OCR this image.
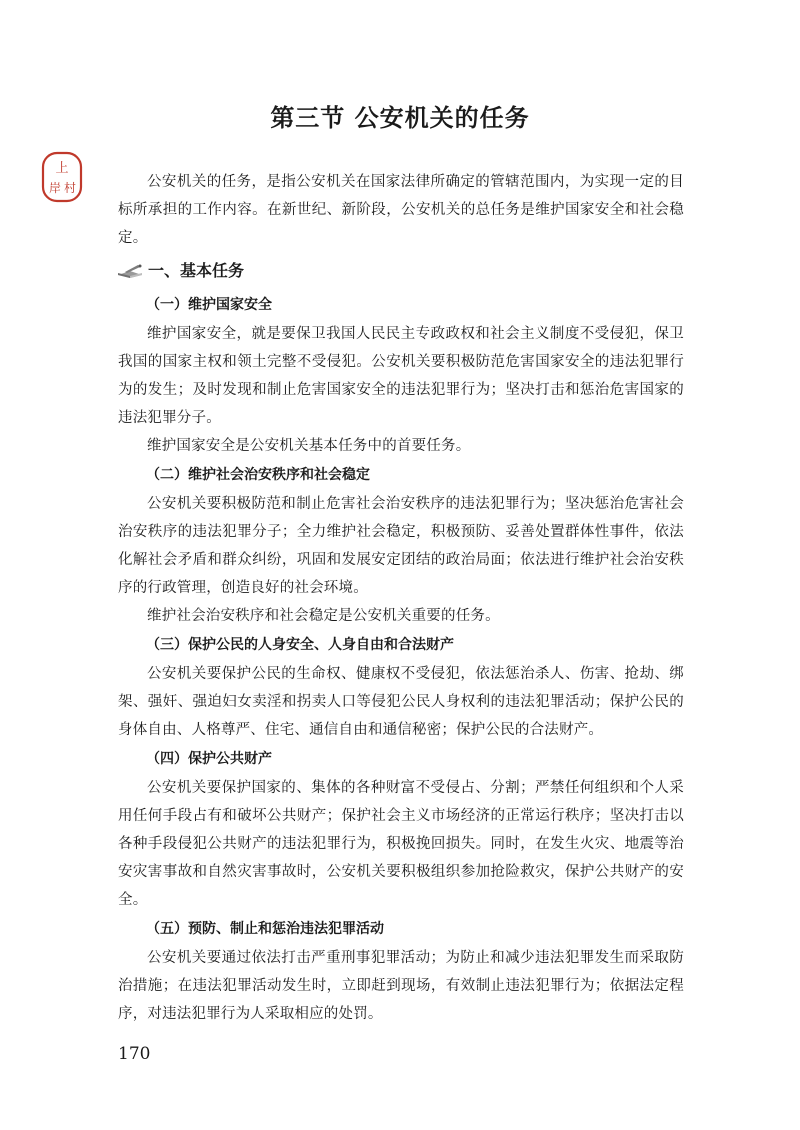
上
岸 村
第三节 公安机关的任务

公安机关的任务，是指公安机关在国家法律所确定的管辖范围内，为实现一定的目标所承担的工作内容。在新世纪、新阶段，公安机关的总任务是维护国家安全和社会稳定。

一、基本任务

（一）维护国家安全

维护国家安全，就是要保卫我国人民民主专政政权和社会主义制度不受侵犯，保卫我国的国家主权和领土完整不受侵犯。公安机关要积极防范危害国家安全的违法犯罪行为的发生；及时发现和制止危害国家安全的违法犯罪行为；坚决打击和惩治危害国家的违法犯罪分子。

维护国家安全是公安机关基本任务中的首要任务。

（二）维护社会治安秩序和社会稳定

公安机关要积极防范和制止危害社会治安秩序的违法犯罪行为；坚决惩治危害社会治安秩序的违法犯罪分子；全力维护社会稳定，积极预防、妥善处置群体性事件，依法化解社会矛盾和群众纠纷，巩固和发展安定团结的政治局面；依法进行维护社会治安秩序的行政管理，创造良好的社会环境。

维护社会治安秩序和社会稳定是公安机关重要的任务。

（三）保护公民的人身安全、人身自由和合法财产

公安机关要保护公民的生命权、健康权不受侵犯，依法惩治杀人、伤害、抢劫、绑架、强奸、强迫妇女卖淫和拐卖人口等侵犯公民人身权利的违法犯罪活动；保护公民的身体自由、人格尊严、住宅、通信自由和通信秘密；保护公民的合法财产。

（四）保护公共财产

公安机关要保护国家的、集体的各种财富不受侵占、分割；严禁任何组织和个人采用任何手段占有和破坏公共财产；保护社会主义市场经济的正常运行秩序；坚决打击以各种手段侵犯公共财产的违法犯罪行为，积极挽回损失。同时，在发生火灾、地震等治安灾害事故和自然灾害事故时，公安机关要积极组织参加抢险救灾，保护公共财产的安全。

（五）预防、制止和惩治违法犯罪活动

公安机关要通过依法打击严重刑事犯罪活动；为防止和减少违法犯罪发生而采取防治措施；在违法犯罪活动发生时，立即赶到现场，有效制止违法犯罪行为；依据法定程序，对违法犯罪行为人采取相应的处罚。

170
